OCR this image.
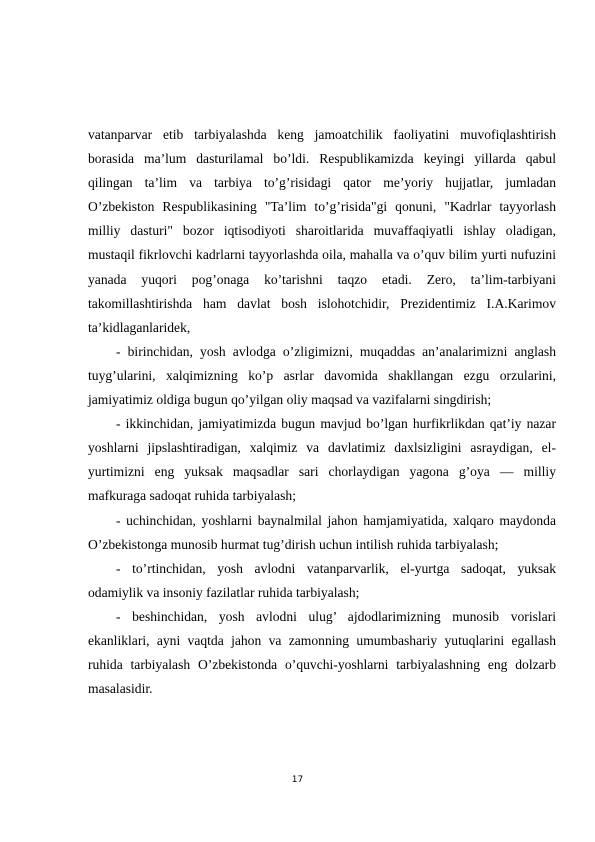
vatanparvar etib tarbiyalashda keng jamoatchilik faoliyatini muvofiqlashtirish borasida ma’lum dasturilamal bo’ldi. Respublikamizda keyingi yillarda qabul qilingan ta’lim va tarbiya to’g’risidagi qator me’yoriy hujjatlar, jumladan O’zbekiston Respublikasining "Ta’lim to’g’risida"gi qonuni, "Kadrlar tayyorlash milliy dasturi" bozor iqtisodiyoti sharoitlarida muvaffaqiyatli ishlay oladigan, mustaqil fikrlovchi kadrlarni tayyorlashda oila, mahalla va o’quv bilim yurti nufuzini yanada yuqori pog’onaga ko’tarishni taqzo etadi. Zero, ta’lim-tarbiyani takomillashtirishda ham davlat bosh islohotchidir, Prezidentimiz I.A.Karimov ta’kidlaganlaridek,

- birinchidan, yosh avlodga o’zligimizni, muqaddas an’analarimizni anglash tuyg’ularini, xalqimizning ko’p asrlar davomida shakllangan ezgu orzularini, jamiyatimiz oldiga bugun qo’yilgan oliy maqsad va vazifalarni singdirish;

- ikkinchidan, jamiyatimizda bugun mavjud bo’lgan hurfikrlikdan qat’iy nazar yoshlarni jipslashtiradigan, xalqimiz va davlatimiz daxlsizligini asraydigan, el-yurtimizni eng yuksak maqsadlar sari chorlaydigan yagona g’oya — milliy mafkuraga sadoqat ruhida tarbiyalash;

- uchinchidan, yoshlarni baynalmilal jahon hamjamiyatida, xalqaro maydonda O’zbekistonga munosib hurmat tug’dirish uchun intilish ruhida tarbiyalash;

- to’rtinchidan, yosh avlodni vatanparvarlik, el-yurtga sadoqat, yuksak odamiylik va insoniy fazilatlar ruhida tarbiyalash;

- beshinchidan, yosh avlodni ulug’ ajdodlarimizning munosib vorislari ekanliklari, ayni vaqtda jahon va zamonning umumbashariy yutuqlarini egallash ruhida tarbiyalash O’zbekistonda o’quvchi-yoshlarni tarbiyalashning eng dolzarb masalasidir.

17
